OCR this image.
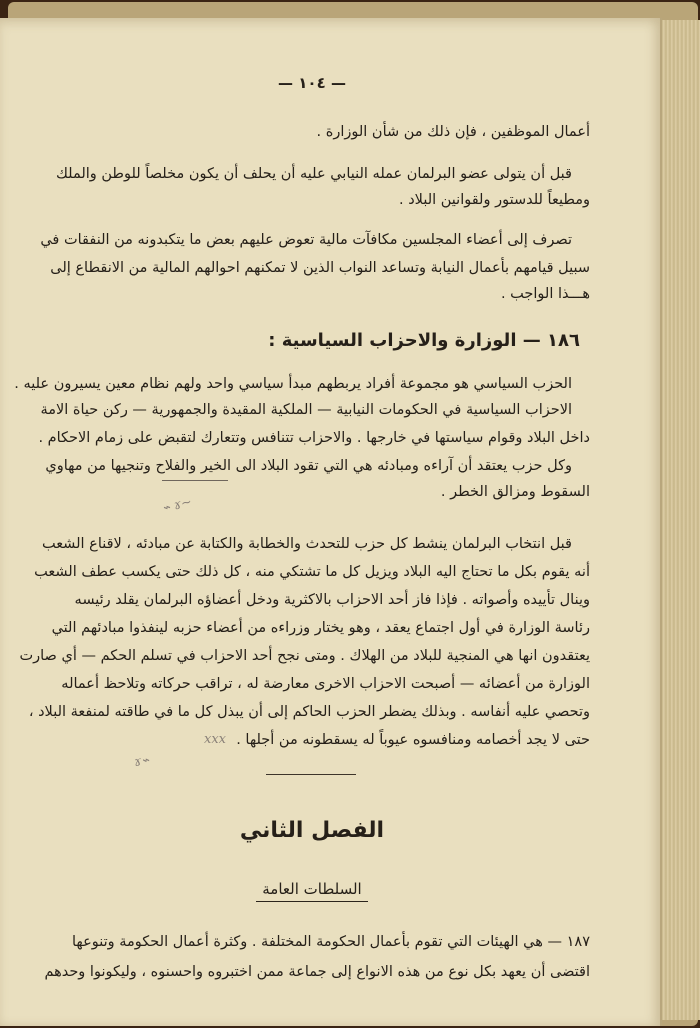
— ١٠٤ —
أعمال الموظفين ، فإن ذلك من شأن الوزارة .
قبل أن يتولى عضو البرلمان عمله النيابي عليه أن يحلف أن يكون مخلصاً للوطن والملك
ومطيعاً للدستور ولقوانين البلاد .
تصرف إلى أعضاء المجلسين مكافآت مالية تعوض عليهم بعض ما يتكبدونه من النفقات في
سبيل قيامهم بأعمال النيابة وتساعد النواب الذين لا تمكنهم احوالهم المالية من الانقطاع إلى
هـــذا الواجب .
١٨٦ — الوزارة والاحزاب السياسية :
الحزب السياسي هو مجموعة أفراد يربطهم مبدأ سياسي واحد ولهم نظام معين يسيرون عليه .
الاحزاب السياسية في الحكومات النيابية — الملكية المقيدة والجمهورية — ركن حياة الامة
داخل البلاد وقوام سياستها في خارجها . والاحزاب تتنافس وتتعارك لتقبض على زمام الاحكام .
وكل حزب يعتقد أن آراءه ومبادئه هي التي تقود البلاد الى الخير والفلاح وتنجيها من مهاوي
السقوط ومزالق الخطر .
~ɤ ⌁
قبل انتخاب البرلمان ينشط كل حزب للتحدث والخطابة والكتابة عن مبادئه ، لاقناع الشعب
أنه يقوم بكل ما تحتاج اليه البلاد ويزيل كل ما تشتكي منه ، كل ذلك حتى يكسب عطف الشعب
وينال تأييده وأصواته . فإذا فاز أحد الاحزاب بالاكثرية ودخل أعضاؤه البرلمان يقلد رئيسه
رئاسة الوزارة في أول اجتماع يعقد ، وهو يختار وزراءه من أعضاء حزبه لينفذوا مبادئهم التي
يعتقدون انها هي المنجية للبلاد من الهلاك . ومتى نجح أحد الاحزاب في تسلم الحكم — أي صارت
الوزارة من أعضائه — أصبحت الاحزاب الاخرى معارضة له ، تراقب حركاته وتلاحظ أعماله
وتحصي عليه أنفاسه . وبذلك يضطر الحزب الحاكم إلى أن يبذل كل ما في طاقته لمنفعة البلاد ،
حتى لا يجد أخصامه ومنافسوه عيوباً له يسقطونه من أجلها .
ⅹⅹⅹ
⌁ɤ
الفصل الثاني
السلطات العامة
١٨٧ — هي الهيئات التي تقوم بأعمال الحكومة المختلفة . وكثرة أعمال الحكومة وتنوعها
اقتضى أن يعهد بكل نوع من هذه الانواع إلى جماعة ممن اختبروه واحسنوه ، وليكونوا وحدهم
